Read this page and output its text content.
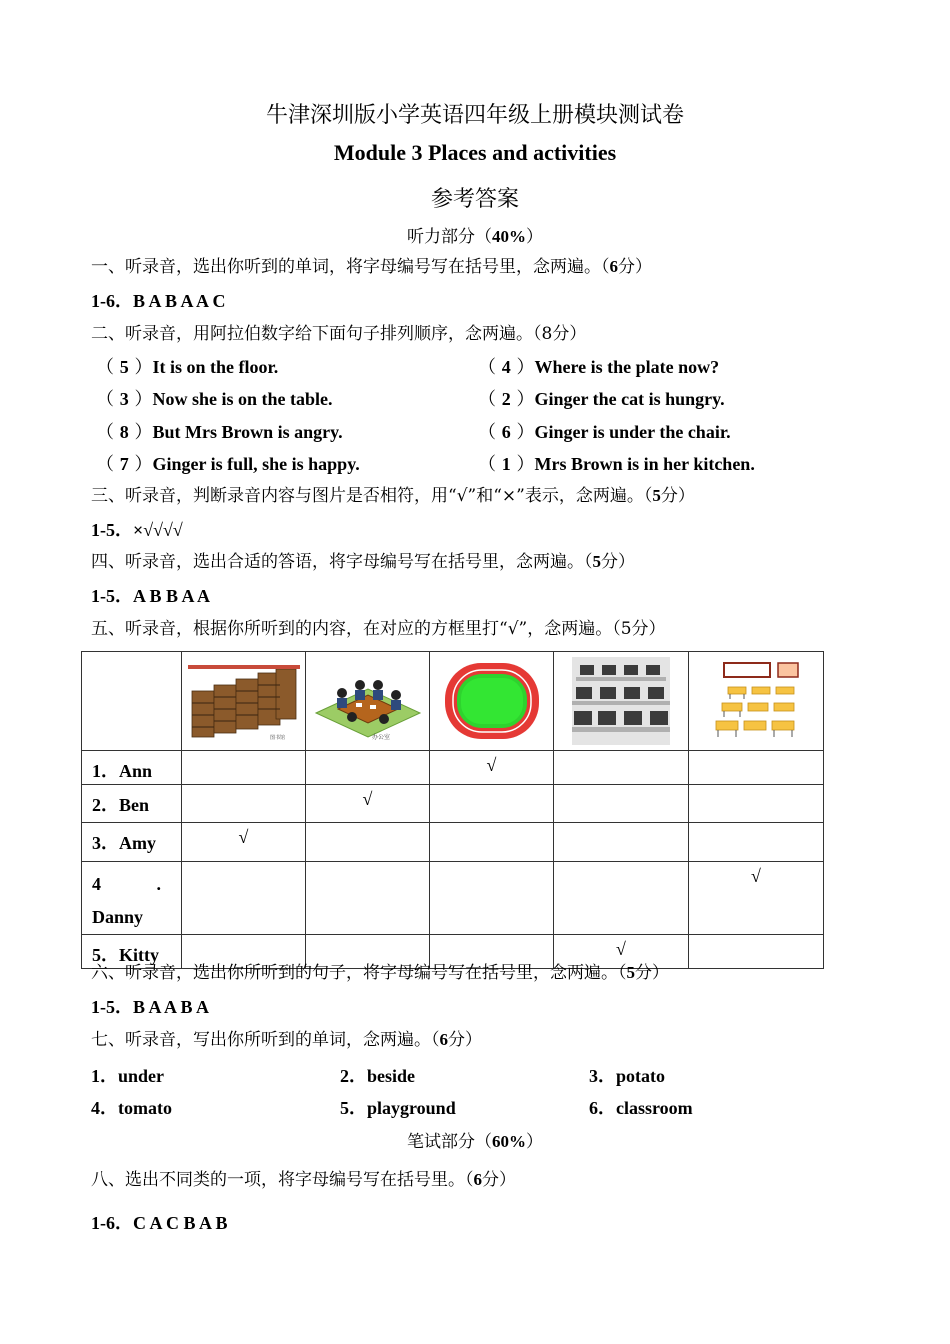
牛津深圳版小学英语四年级上册模块测试卷
Module 3 Places and activities
参考答案
听力部分（40%）
一、听录音，选出你听到的单词，将字母编号写在括号里，念两遍。（6分）
1-6．B A B A A C
二、听录音，用阿拉伯数字给下面句子排列顺序，念两遍。（8分）
（ 5 ）It is on the floor.
（ 3 ）Now she is on the table.
（ 8 ）But Mrs Brown is angry.
（ 7 ）Ginger is full, she is happy.
（ 4 ）Where is the plate now?
（ 2 ）Ginger the cat is hungry.
（ 6 ）Ginger is under the chair.
（ 1 ）Mrs Brown is in her kitchen.
三、听录音，判断录音内容与图片是否相符，用“√”和“×”表示，念两遍。（5分）
1-5．×√√√√
四、听录音，选出合适的答语，将字母编号写在括号里，念两遍。（5分）
1-5．A B B A A
五、听录音，根据你所听到的内容，在对应的方框里打“√”，念两遍。（5分）

图书馆	办公室

1．Ann			√		
2．Ben		√			
3．Amy	√				

4 .
Danny					√
5．Kitty				√	
六、听录音，选出你所听到的句子，将字母编号写在括号里，念两遍。（5分）
1-5．B A A B A
七、听录音，写出你所听到的单词，念两遍。（6分）
1．under	2．beside	3．potato
4．tomato	5．playground	6．classroom
笔试部分（60%）
八、选出不同类的一项，将字母编号写在括号里。（6分）
1-6．C A C B A B
